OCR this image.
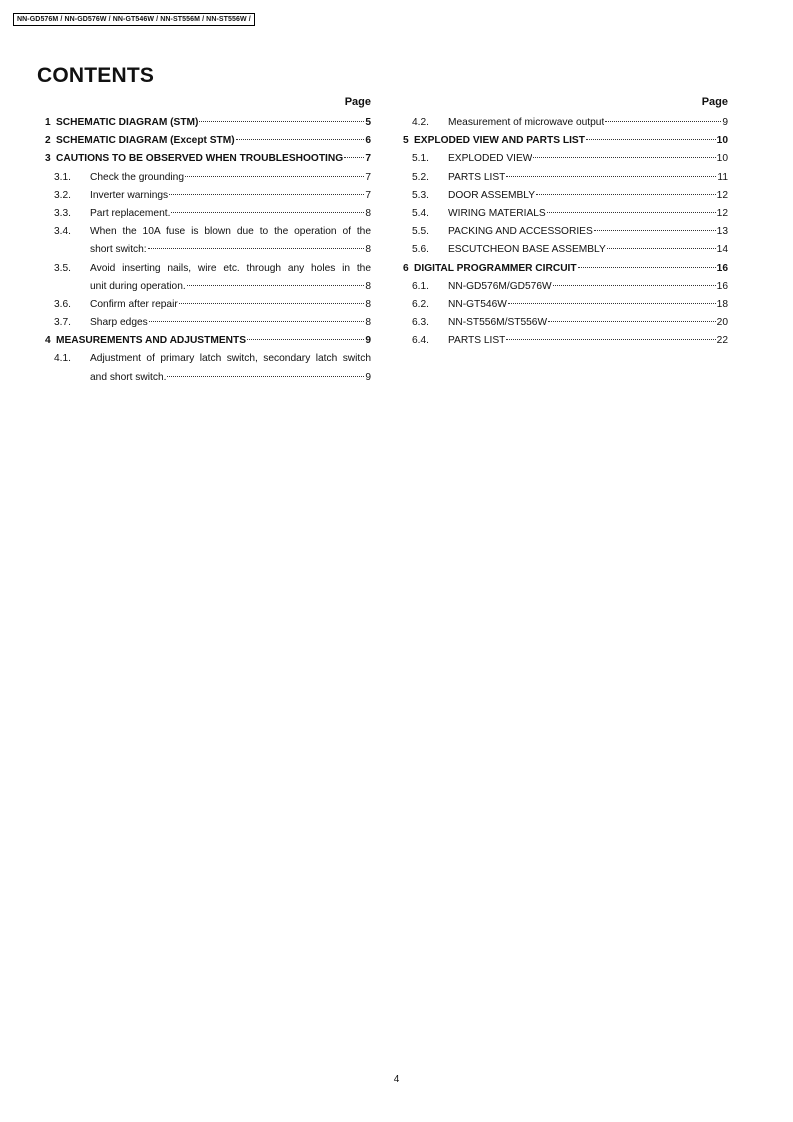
NN-GD576M / NN-GD576W / NN-GT546W / NN-ST556M / NN-ST556W /
CONTENTS
Page
1 SCHEMATIC DIAGRAM (STM)	5
2 SCHEMATIC DIAGRAM (Except STM)	6
3 CAUTIONS TO BE OBSERVED WHEN TROUBLESHOOTING 7
3.1.	Check the grounding	7
3.2.	Inverter warnings	7
3.3.	Part replacement.	8
3.4.	When the 10A fuse is blown due to the operation of the
short switch:	8
3.5.	Avoid inserting nails, wire etc. through any holes in the
unit during operation.	8
3.6.	Confirm after repair	8
3.7.	Sharp edges	8
4 MEASUREMENTS AND ADJUSTMENTS	9
4.1.	Adjustment of primary latch switch, secondary latch switch
and short switch.	9
Page
4.2.	Measurement of microwave output	9
5 EXPLODED VIEW AND PARTS LIST	10
5.1.	EXPLODED VIEW	10
5.2.	PARTS LIST	11
5.3.	DOOR ASSEMBLY	12
5.4.	WIRING MATERIALS	12
5.5.	PACKING AND ACCESSORIES	13
5.6.	ESCUTCHEON BASE ASSEMBLY	14
6 DIGITAL PROGRAMMER CIRCUIT	16
6.1.	NN-GD576M/GD576W	16
6.2.	NN-GT546W	18
6.3.	NN-ST556M/ST556W	20
6.4.	PARTS LIST	22
4
